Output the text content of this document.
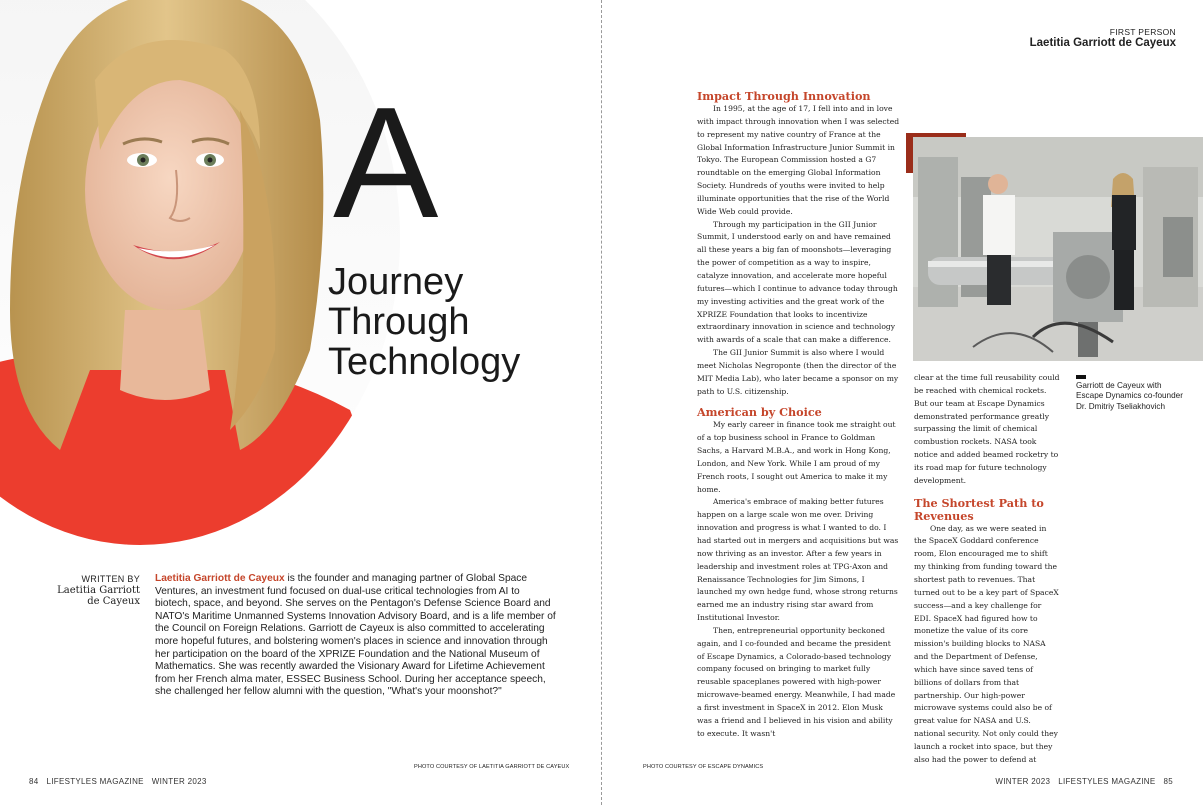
A
Journey
Through
Technology
WRITTEN BY
Laetitia Garriott
de Cayeux
Laetitia Garriott de Cayeux is the founder and managing partner of Global Space Ventures, an investment fund focused on dual-use critical technologies from AI to biotech, space, and beyond. She serves on the Pentagon's Defense Science Board and NATO's Maritime Unmanned Systems Innovation Advisory Board, and is a life member of the Council on Foreign Relations. Garriott de Cayeux is also committed to accelerating more hopeful futures, and bolstering women's places in science and innovation through her participation on the board of the XPRIZE Foundation and the National Museum of Mathematics. She was recently awarded the Visionary Award for Lifetime Achievement from her French alma mater, ESSEC Business School. During her acceptance speech, she challenged her fellow alumni with the question, "What's your moonshot?"
PHOTO COURTESY OF LAETITIA GARRIOTT DE CAYEUX
84 LIFESTYLES MAGAZINE WINTER 2023
FIRST PERSON
Laetitia Garriott de Cayeux
Impact Through Innovation

In 1995, at the age of 17, I fell into and in love with impact through innovation when I was selected to represent my native country of France at the Global Information Infrastructure Junior Summit in Tokyo. The European Commission hosted a G7 roundtable on the emerging Global Information Society. Hundreds of youths were invited to help illuminate opportunities that the rise of the World Wide Web could provide.

Through my participation in the GII Junior Summit, I understood early on and have remained all these years a big fan of moonshots—leveraging the power of competition as a way to inspire, catalyze innovation, and accelerate more hopeful futures—which I continue to advance today through my investing activities and the great work of the XPRIZE Foundation that looks to incentivize extraordinary innovation in science and technology with awards of a scale that can make a difference.

The GII Junior Summit is also where I would meet Nicholas Negroponte (then the director of the MIT Media Lab), who later became a sponsor on my path to U.S. citizenship.

American by Choice

My early career in finance took me straight out of a top business school in France to Goldman Sachs, a Harvard M.B.A., and work in Hong Kong, London, and New York. While I am proud of my French roots, I sought out America to make it my home.

America's embrace of making better futures happen on a large scale won me over. Driving innovation and progress is what I wanted to do. I had started out in mergers and acquisitions but was now thriving as an investor. After a few years in leadership and investment roles at TPG-Axon and Renaissance Technologies for Jim Simons, I launched my own hedge fund, whose strong returns earned me an industry rising star award from Institutional Investor.

Then, entrepreneurial opportunity beckoned again, and I co-founded and became the president of Escape Dynamics, a Colorado-based technology company focused on bringing to market fully reusable spaceplanes powered with high-power microwave-beamed energy. Meanwhile, I had made a first investment in SpaceX in 2012. Elon Musk was a friend and I believed in his vision and ability to execute. It wasn't

Garriott de Cayeux with Escape Dynamics co-founder Dr. Dmitriy Tseliakhovich

clear at the time full reusability could be reached with chemical rockets. But our team at Escape Dynamics demonstrated performance greatly surpassing the limit of chemical combustion rockets. NASA took notice and added beamed rocketry to its road map for future technology development.

The Shortest Path to Revenues

One day, as we were seated in the SpaceX Goddard conference room, Elon encouraged me to shift my thinking from funding toward the shortest path to revenues. That turned out to be a key part of SpaceX success—and a key challenge for EDI. SpaceX had figured how to monetize the value of its core mission's building blocks to NASA and the Department of Defense, which have since saved tens of billions of dollars from that partnership. Our high-power microwave systems could also be of great value for NASA and U.S. national security. Not only could they launch a rocket into space, but they also had the power to defend at

PHOTO COURTESY OF ESCAPE DYNAMICS
WINTER 2023 LIFESTYLES MAGAZINE 85
